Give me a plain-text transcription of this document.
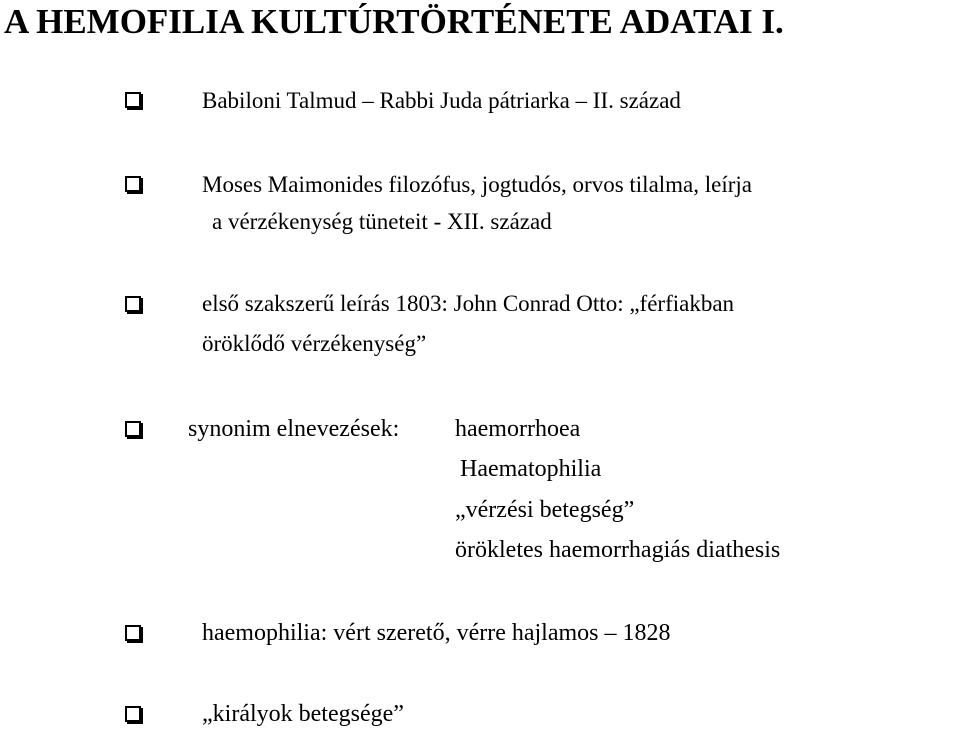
A HEMOFILIA KULTÚRTÖRTÉNETE ADATAI I.
Babiloni Talmud – Rabbi Juda pátriarka – II. század
Moses Maimonides filozófus, jogtudós, orvos tilalma, leírja
a vérzékenység tüneteit - XII. század
első szakszerű leírás 1803: John Conrad Otto: „férfiakban
öröklődő vérzékenység”
synonim elnevezések: haemorrhoea
Haematophilia
„vérzési betegség”
örökletes haemorrhagiás diathesis
haemophilia: vért szerető, vérre hajlamos – 1828
„királyok betegsége”
